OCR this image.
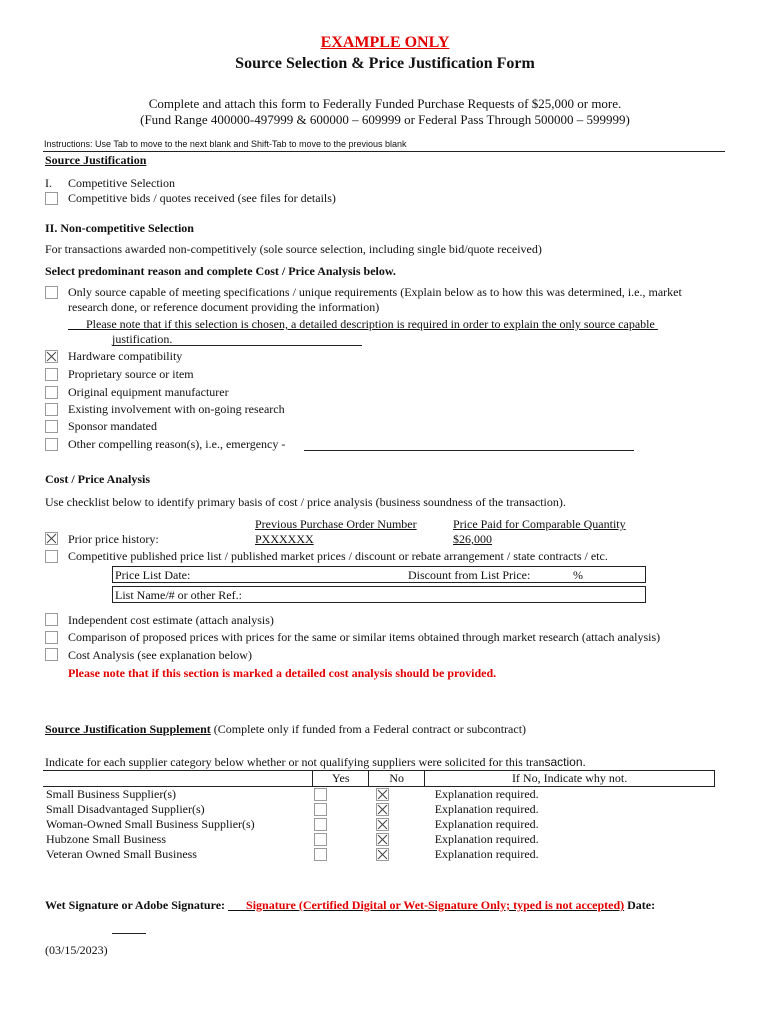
EXAMPLE ONLY
Source Selection & Price Justification Form
Complete and attach this form to Federally Funded Purchase Requests of $25,000 or more.
(Fund Range 400000-497999 & 600000 – 609999 or Federal Pass Through 500000 – 599999)
Instructions: Use Tab to move to the next blank and Shift-Tab to move to the previous blank
Source Justification
I. Competitive Selection
Competitive bids / quotes received (see files for details)
II. Non-competitive Selection
For transactions awarded non-competitively (sole source selection, including single bid/quote received)
Select predominant reason and complete Cost / Price Analysis below.
Only source capable of meeting specifications / unique requirements (Explain below as to how this was determined, i.e., market
research done, or reference document providing the information)
Please note that if this selection is chosen, a detailed description is required in order to explain the only source capable
justification.
Hardware compatibility
Proprietary source or item
Original equipment manufacturer
Existing involvement with on-going research
Sponsor mandated
Other compelling reason(s), i.e., emergency -
Cost / Price Analysis
Use checklist below to identify primary basis of cost / price analysis (business soundness of the transaction).
Previous Purchase Order Number	Price Paid for Comparable Quantity
Prior price history:	PXXXXXX	$26,000
Competitive published price list / published market prices / discount or rebate arrangement / state contracts / etc.
Price List Date:	Discount from List Price:	%
List Name/# or other Ref.:
Independent cost estimate (attach analysis)
Comparison of proposed prices with prices for the same or similar items obtained through market research (attach analysis)
Cost Analysis (see explanation below)
Please note that if this section is marked a detailed cost analysis should be provided.
Source Justification Supplement (Complete only if funded from a Federal contract or subcontract)
Indicate for each supplier category below whether or not qualifying suppliers were solicited for this transaction.
	Yes	No	If No, Indicate why not.
Small Business Supplier(s)			Explanation required.
Small Disadvantaged Supplier(s)			Explanation required.
Woman-Owned Small Business Supplier(s)			Explanation required.
Hubzone Small Business			Explanation required.
Veteran Owned Small Business			Explanation required.
Wet Signature or Adobe Signature: Signature (Certified Digital or Wet-Signature Only; typed is not accepted) Date:
(03/15/2023)
